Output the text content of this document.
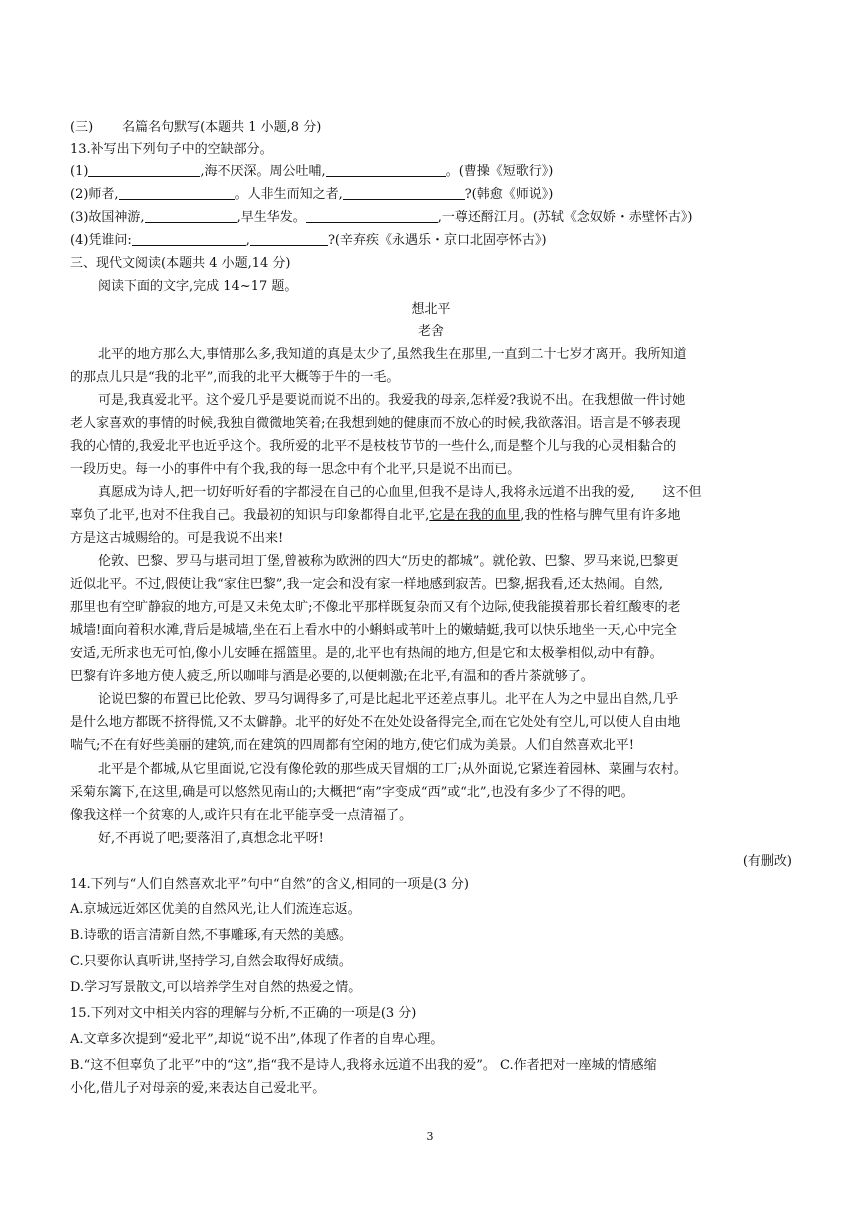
(三)       名篇名句默写(本题共 1 小题,8 分)
13.补写出下列句子中的空缺部分。
(1)	,海不厌深。周公吐哺,	。(曹操《短歌行》)
(2)师者,	。人非生而知之者,	?(韩愈《师说》)
(3)故国神游,	,早生华发。	,一尊还酹江月。(苏轼《念奴娇・赤壁怀古》)
(4)凭谁问:	,	?(辛弃疾《永遇乐・京口北固亭怀古》)
三、现代文阅读(本题共 4 小题,14 分)
阅读下面的文字,完成 14~17 题。
想北平
老舍
北平的地方那么大,事情那么多,我知道的真是太少了,虽然我生在那里,一直到二十七岁才离开。我所知道
的那点儿只是“我的北平”,而我的北平大概等于牛的一毛。
可是,我真爱北平。这个爱几乎是要说而说不出的。我爱我的母亲,怎样爱?我说不出。在我想做一件讨她
老人家喜欢的事情的时候,我独自微微地笑着;在我想到她的健康而不放心的时候,我欲落泪。语言是不够表现
我的心情的,我爱北平也近乎这个。我所爱的北平不是枝枝节节的一些什么,而是整个儿与我的心灵相黏合的
一段历史。每一小的事件中有个我,我的每一思念中有个北平,只是说不出而已。
真愿成为诗人,把一切好听好看的字都浸在自己的心血里,但我不是诗人,我将永远道不出我的爱, 这不但
辜负了北平,也对不住我自己。我最初的知识与印象都得自北平,它是在我的血里,我的性格与脾气里有许多地
方是这古城赐给的。可是我说不出来!
伦敦、巴黎、罗马与堪司坦丁堡,曾被称为欧洲的四大“历史的都城”。就伦敦、巴黎、罗马来说,巴黎更
近似北平。不过,假使让我“家住巴黎”,我一定会和没有家一样地感到寂苦。巴黎,据我看,还太热闹。自然,
那里也有空旷静寂的地方,可是又未免太旷;不像北平那样既复杂而又有个边际,使我能摸着那长着红酸枣的老
城墙!面向着积水滩,背后是城墙,坐在石上看水中的小蝌蚪或苇叶上的嫩蜻蜓,我可以快乐地坐一天,心中完全
安适,无所求也无可怕,像小儿安睡在摇篮里。是的,北平也有热闹的地方,但是它和太极拳相似,动中有静。
巴黎有许多地方使人疲乏,所以咖啡与酒是必要的,以便刺激;在北平,有温和的香片茶就够了。
论说巴黎的布置已比伦敦、罗马匀调得多了,可是比起北平还差点事儿。北平在人为之中显出自然,几乎
是什么地方都既不挤得慌,又不太僻静。北平的好处不在处处设备得完全,而在它处处有空儿,可以使人自由地
喘气;不在有好些美丽的建筑,而在建筑的四周都有空闲的地方,使它们成为美景。人们自然喜欢北平!
北平是个都城,从它里面说,它没有像伦敦的那些成天冒烟的工厂;从外面说,它紧连着园林、菜圃与农村。
采菊东篱下,在这里,确是可以悠然见南山的;大概把“南”字变成“西”或“北”,也没有多少了不得的吧。
像我这样一个贫寒的人,或许只有在北平能享受一点清福了。
好,不再说了吧;要落泪了,真想念北平呀!
(有删改)
14.下列与“人们自然喜欢北平”句中“自然”的含义,相同的一项是(3 分)
A.京城远近郊区优美的自然风光,让人们流连忘返。
B.诗歌的语言清新自然,不事雕琢,有天然的美感。
C.只要你认真听讲,坚持学习,自然会取得好成绩。
D.学习写景散文,可以培养学生对自然的热爱之情。
15.下列对文中相关内容的理解与分析,不正确的一项是(3 分)
A.文章多次提到“爱北平”,却说“说不出”,体现了作者的自卑心理。
B.“这不但辜负了北平”中的“这”,指“我不是诗人,我将永远道不出我的爱”。 C.作者把对一座城的情感缩
小化,借儿子对母亲的爱,来表达自己爱北平。
3
